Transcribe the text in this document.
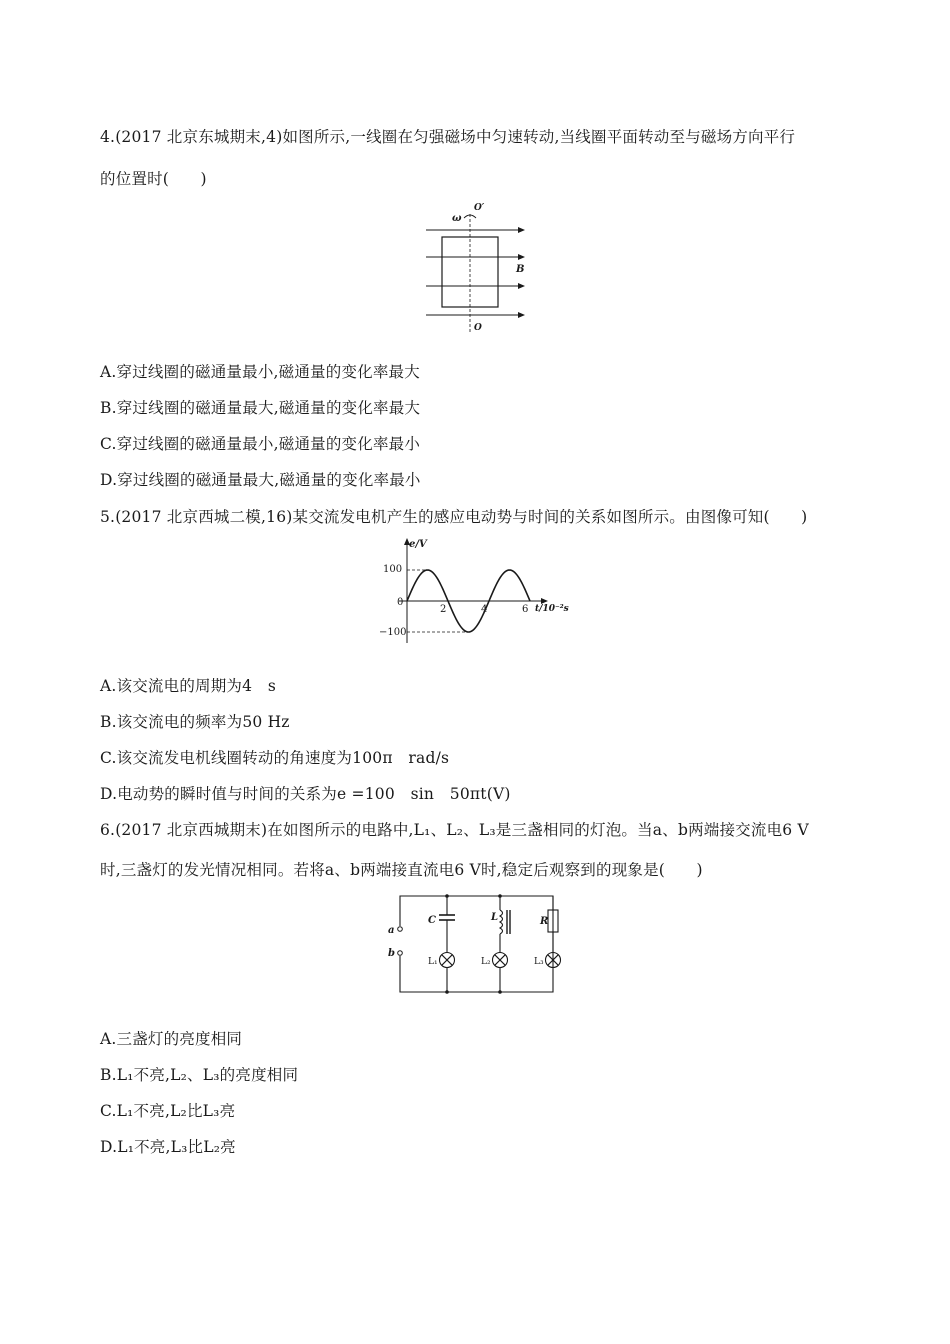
4.(2017 北京东城期末,4)如图所示,一线圈在匀强磁场中匀速转动,当线圈平面转动至与磁场方向平行
的位置时(　　)
ω
O′
B
O
A.穿过线圈的磁通量最小,磁通量的变化率最大
B.穿过线圈的磁通量最大,磁通量的变化率最大
C.穿过线圈的磁通量最小,磁通量的变化率最小
D.穿过线圈的磁通量最大,磁通量的变化率最小
5.(2017 北京西城二模,16)某交流发电机产生的感应电动势与时间的关系如图所示。由图像可知(　　)
e/V
t/10⁻²s
100
0
−100
2	4	6
A.该交流电的周期为4　s
B.该交流电的频率为50 Hz
C.该交流发电机线圈转动的角速度为100π　rad/s
D.电动势的瞬时值与时间的关系为e =100　sin　50πt(V)
6.(2017 北京西城期末)在如图所示的电路中,L₁、L₂、L₃是三盏相同的灯泡。当a、b两端接交流电6 V
时,三盏灯的发光情况相同。若将a、b两端接直流电6 V时,稳定后观察到的现象是(　　)
a
b
C	L	R
L₁	L₂	L₃
A.三盏灯的亮度相同
B.L₁不亮,L₂、L₃的亮度相同
C.L₁不亮,L₂比L₃亮
D.L₁不亮,L₃比L₂亮
